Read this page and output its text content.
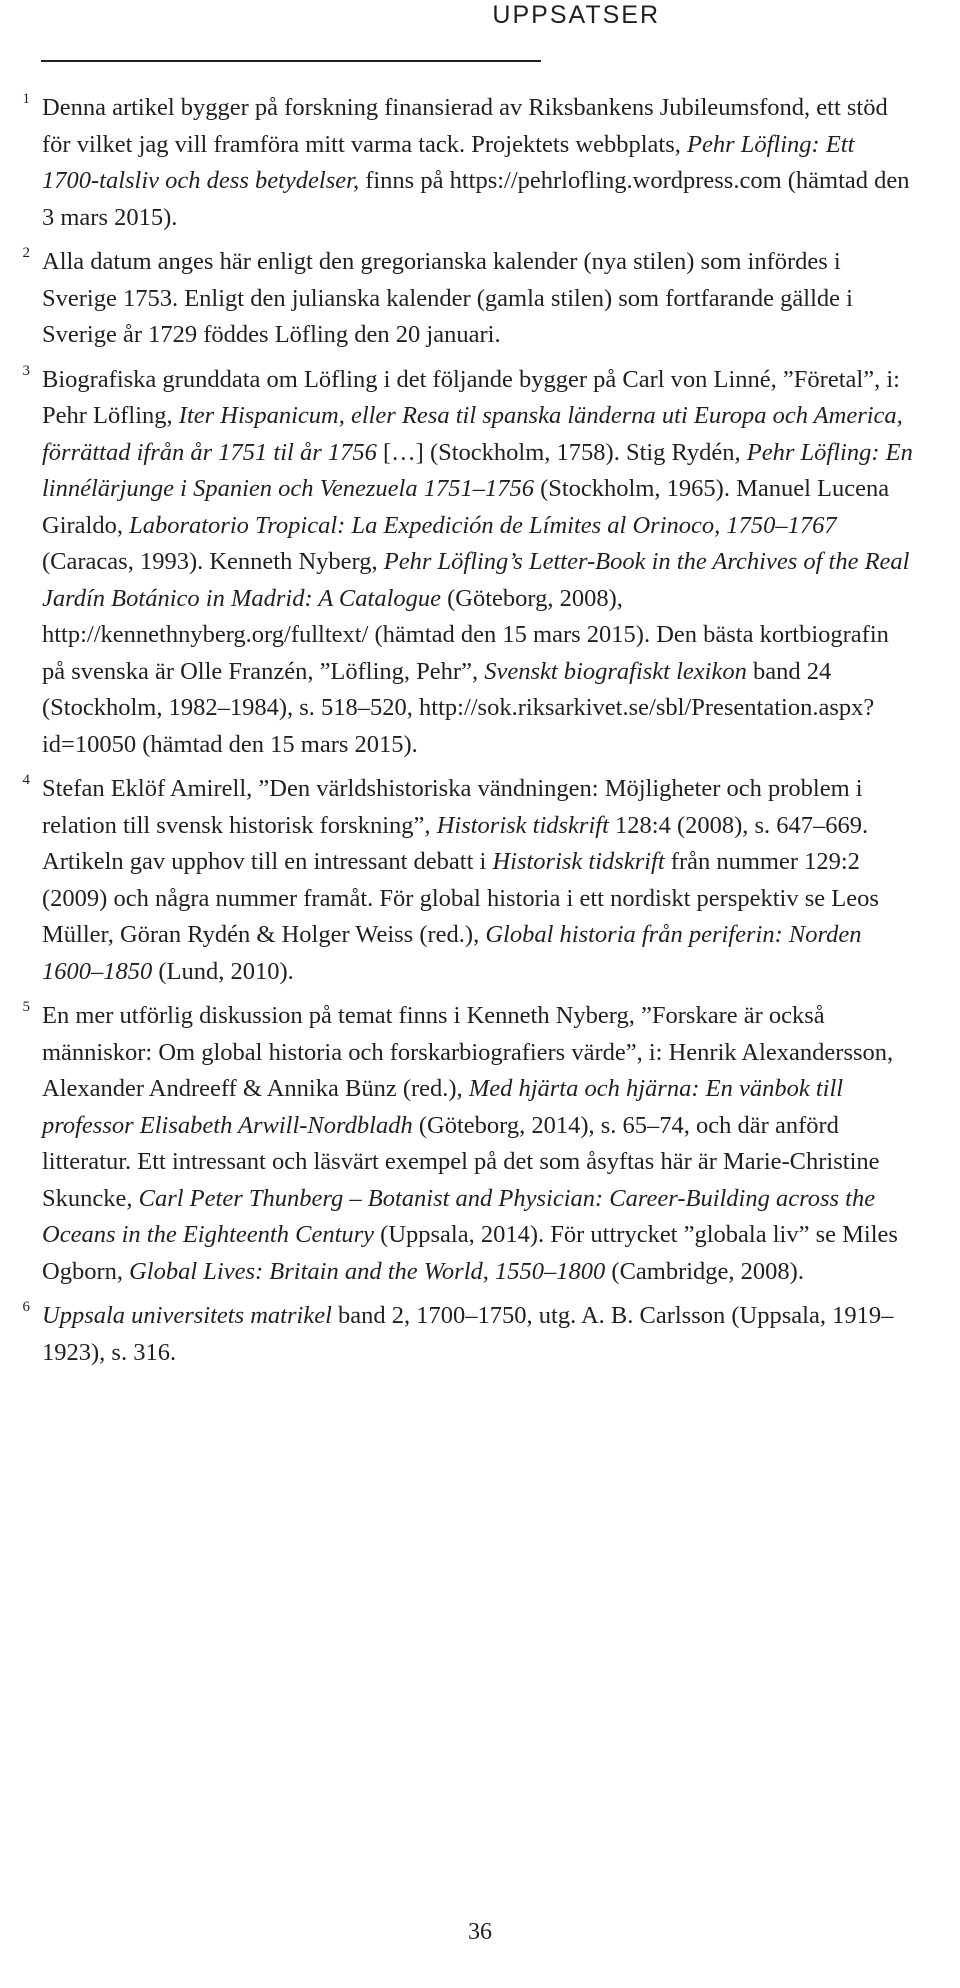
UPPSATSER
1 Denna artikel bygger på forskning finansierad av Riksbankens Jubileumsfond, ett stöd för vilket jag vill framföra mitt varma tack. Projektets webbplats, Pehr Löfling: Ett 1700-talsliv och dess betydelser, finns på https://pehrlofling.wordpress.com (hämtad den 3 mars 2015).
2 Alla datum anges här enligt den gregorianska kalender (nya stilen) som infördes i Sverige 1753. Enligt den julianska kalender (gamla stilen) som fortfarande gällde i Sverige år 1729 föddes Löfling den 20 januari.
3 Biografiska grunddata om Löfling i det följande bygger på Carl von Linné, ”Företal”, i: Pehr Löfling, Iter Hispanicum, eller Resa til spanska länderna uti Europa och America, förrättad ifrån år 1751 til år 1756 […] (Stockholm, 1758). Stig Rydén, Pehr Löfling: En linnélärjunge i Spanien och Venezuela 1751–1756 (Stockholm, 1965). Manuel Lucena Giraldo, Laboratorio Tropical: La Expedición de Límites al Orinoco, 1750–1767 (Caracas, 1993). Kenneth Nyberg, Pehr Löfling’s Letter-Book in the Archives of the Real Jardín Botánico in Madrid: A Catalogue (Göteborg, 2008), http://kennethnyberg.org/fulltext/ (hämtad den 15 mars 2015). Den bästa kortbiografin på svenska är Olle Franzén, ”Löfling, Pehr”, Svenskt biografiskt lexikon band 24 (Stockholm, 1982–1984), s. 518–520, http://sok.riksarkivet.se/sbl/Presentation.aspx?id=10050 (hämtad den 15 mars 2015).
4 Stefan Eklöf Amirell, ”Den världshistoriska vändningen: Möjligheter och problem i relation till svensk historisk forskning”, Historisk tidskrift 128:4 (2008), s. 647–669. Artikeln gav upphov till en intressant debatt i Historisk tidskrift från nummer 129:2 (2009) och några nummer framåt. För global historia i ett nordiskt perspektiv se Leos Müller, Göran Rydén & Holger Weiss (red.), Global historia från periferin: Norden 1600–1850 (Lund, 2010).
5 En mer utförlig diskussion på temat finns i Kenneth Nyberg, ”Forskare är också människor: Om global historia och forskarbiografiers värde”, i: Henrik Alexandersson, Alexander Andreeff & Annika Bünz (red.), Med hjärta och hjärna: En vänbok till professor Elisabeth Arwill-Nordbladh (Göteborg, 2014), s. 65–74, och där anförd litteratur. Ett intressant och läsvärt exempel på det som åsyftas här är Marie-Christine Skuncke, Carl Peter Thunberg – Botanist and Physician: Career-Building across the Oceans in the Eighteenth Century (Uppsala, 2014). För uttrycket ”globala liv” se Miles Ogborn, Global Lives: Britain and the World, 1550–1800 (Cambridge, 2008).
6 Uppsala universitets matrikel band 2, 1700–1750, utg. A. B. Carlsson (Uppsala, 1919–1923), s. 316.
36
